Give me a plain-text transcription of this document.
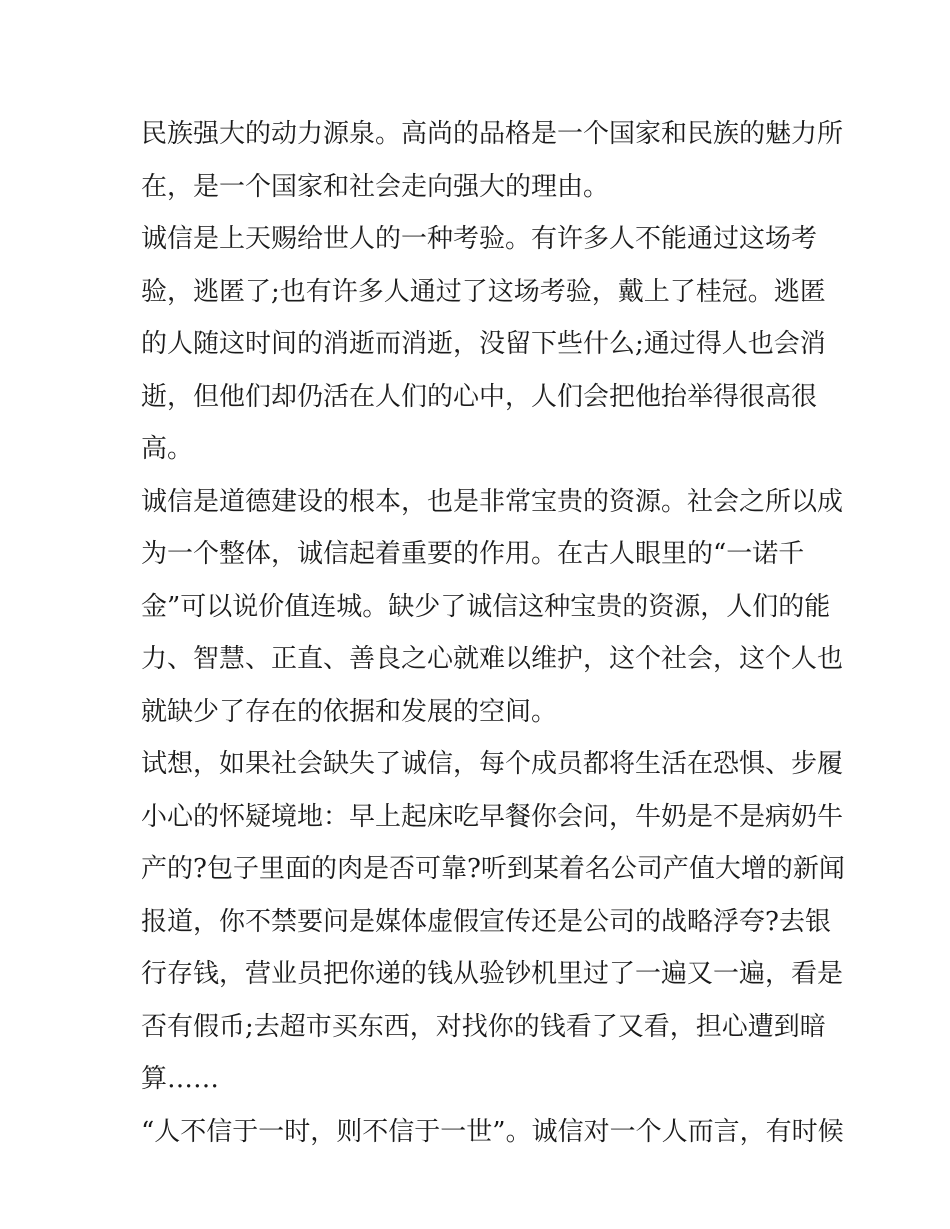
民族强大的动力源泉。高尚的品格是一个国家和民族的魅力所
在，是一个国家和社会走向强大的理由。
诚信是上天赐给世人的一种考验。有许多人不能通过这场考
验，逃匿了;也有许多人通过了这场考验，戴上了桂冠。逃匿
的人随这时间的消逝而消逝，没留下些什么;通过得人也会消
逝，但他们却仍活在人们的心中，人们会把他抬举得很高很
高。
诚信是道德建设的根本，也是非常宝贵的资源。社会之所以成
为一个整体，诚信起着重要的作用。在古人眼里的“一诺千
金”可以说价值连城。缺少了诚信这种宝贵的资源，人们的能
力、智慧、正直、善良之心就难以维护，这个社会，这个人也
就缺少了存在的依据和发展的空间。
试想，如果社会缺失了诚信，每个成员都将生活在恐惧、步履
小心的怀疑境地：早上起床吃早餐你会问，牛奶是不是病奶牛
产的?包子里面的肉是否可靠?听到某着名公司产值大增的新闻
报道，你不禁要问是媒体虚假宣传还是公司的战略浮夸?去银
行存钱，营业员把你递的钱从验钞机里过了一遍又一遍，看是
否有假币;去超市买东西，对找你的钱看了又看，担心遭到暗
算……
“人不信于一时，则不信于一世”。诚信对一个人而言，有时候
